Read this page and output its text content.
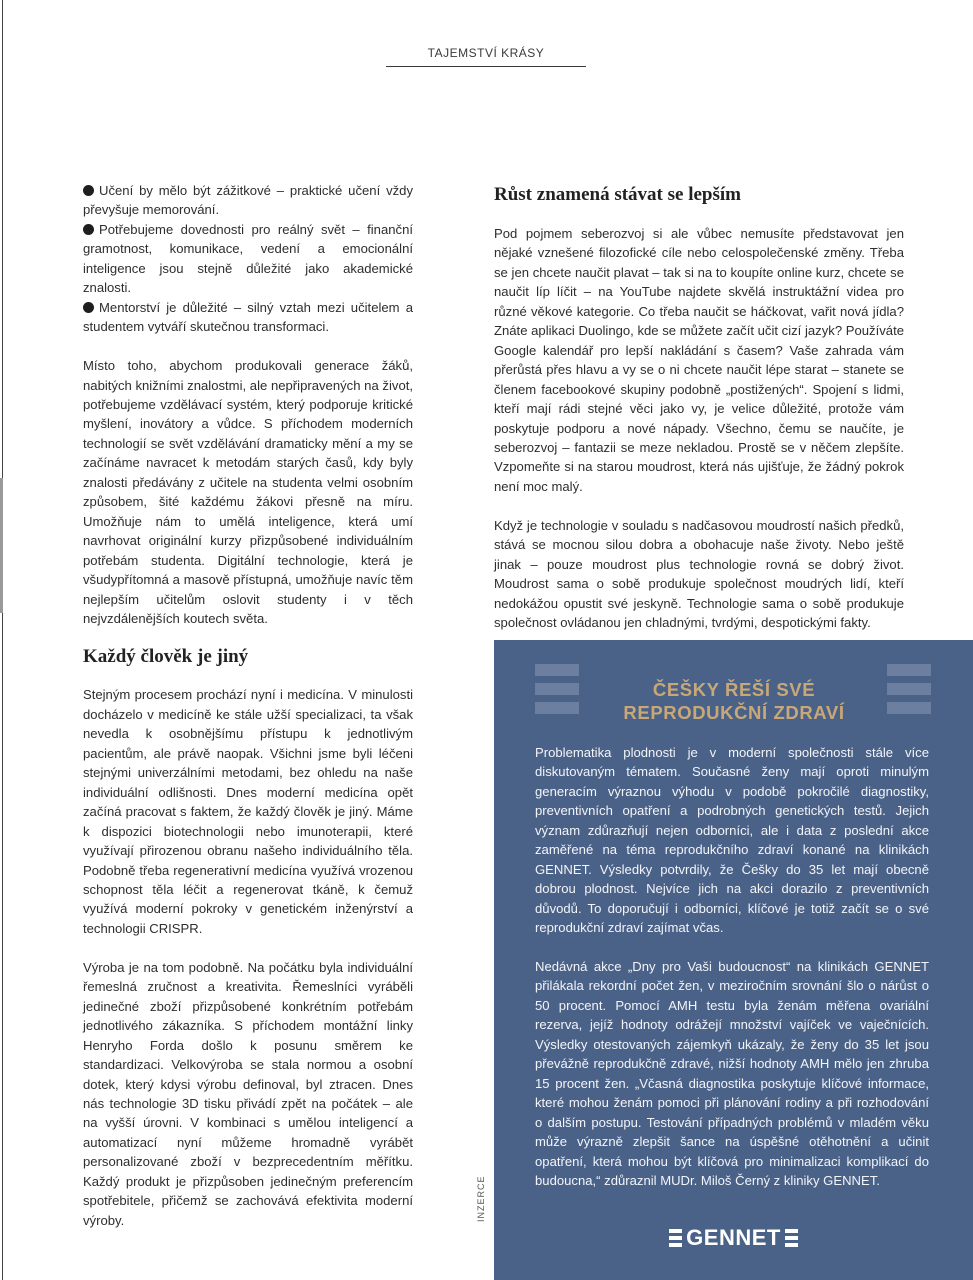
TAJEMSTVÍ KRÁSY

Učení by mělo být zážitkové – praktické učení vždy převyšuje memorování.

Potřebujeme dovednosti pro reálný svět – finanční gramotnost, komunikace, vedení a emocionální inteligence jsou stejně důležité jako akademické znalosti.

Mentorství je důležité – silný vztah mezi učitelem a studentem vytváří skutečnou transformaci.

Místo toho, abychom produkovali generace žáků, nabitých knižními znalostmi, ale nepřipravených na život, potřebujeme vzdělávací systém, který podporuje kritické myšlení, inovátory a vůdce. S příchodem moderních technologií se svět vzdělávání dramaticky mění a my se začínáme navracet k metodám starých časů, kdy byly znalosti předávány z učitele na studenta velmi osobním způsobem, šité každému žákovi přesně na míru. Umožňuje nám to umělá inteligence, která umí navrhovat originální kurzy přizpůsobené individuálním potřebám studenta. Digitální technologie, která je všudypřítomná a masově přístupná, umožňuje navíc těm nejlepším učitelům oslovit studenty i v těch nejvzdálenějších koutech světa.

Každý člověk je jiný

Stejným procesem prochází nyní i medicína. V minulosti docházelo v medicíně ke stále užší specializaci, ta však nevedla k osobnějšímu přístupu k jednotlivým pacientům, ale právě naopak. Všichni jsme byli léčeni stejnými univerzálními metodami, bez ohledu na naše individuální odlišnosti. Dnes moderní medicína opět začíná pracovat s faktem, že každý člověk je jiný. Máme k dispozici biotechnologii nebo imunoterapii, které využívají přirozenou obranu našeho individuálního těla. Podobně třeba regenerativní medicína využívá vrozenou schopnost těla léčit a regenerovat tkáně, k čemuž využívá moderní pokroky v genetickém inženýrství a technologii CRISPR.

Výroba je na tom podobně. Na počátku byla individuální řemeslná zručnost a kreativita. Řemeslníci vyráběli jedinečné zboží přizpůsobené konkrétním potřebám jednotlivého zákazníka. S příchodem montážní linky Henryho Forda došlo k posunu směrem ke standardizaci. Velkovýroba se stala normou a osobní dotek, který kdysi výrobu definoval, byl ztracen. Dnes nás technologie 3D tisku přivádí zpět na počátek – ale na vyšší úrovni. V kombinaci s umělou inteligencí a automatizací nyní můžeme hromadně vyrábět personalizované zboží v bezprecedentním měřítku. Každý produkt je přizpůsoben jedinečným preferencím spotřebitele, přičemž se zachovává efektivita moderní výroby.

Růst znamená stávat se lepším

Pod pojmem seberozvoj si ale vůbec nemusíte představovat jen nějaké vznešené filozofické cíle nebo celospolečenské změny. Třeba se jen chcete naučit plavat – tak si na to koupíte online kurz, chcete se naučit líp líčit – na YouTube najdete skvělá instruktážní videa pro různé věkové kategorie. Co třeba naučit se háčkovat, vařit nová jídla? Znáte aplikaci Duolingo, kde se můžete začít učit cizí jazyk? Používáte Google kalendář pro lepší nakládání s časem? Vaše zahrada vám přerůstá přes hlavu a vy se o ni chcete naučit lépe starat – stanete se členem facebookové skupiny podobně „postižených“. Spojení s lidmi, kteří mají rádi stejné věci jako vy, je velice důležité, protože vám poskytuje podporu a nové nápady. Všechno, čemu se naučíte, je seberozvoj – fantazii se meze nekladou. Prostě se v něčem zlepšíte. Vzpomeňte si na starou moudrost, která nás ujišťuje, že žádný pokrok není moc malý.

Když je technologie v souladu s nadčasovou moudrostí našich předků, stává se mocnou silou dobra a obohacuje naše životy. Nebo ještě jinak – pouze moudrost plus technologie rovná se dobrý život. Moudrost sama o sobě produkuje společnost moudrých lidí, kteří nedokážou opustit své jeskyně. Technologie sama o sobě produkuje společnost ovládanou jen chladnými, tvrdými, despotickými fakty.

INZERCE
ČEŠKY ŘEŠÍ SVÉ
REPRODUKČNÍ ZDRAVÍ

Problematika plodnosti je v moderní společnosti stále více diskutovaným tématem. Současné ženy mají oproti minulým generacím výraznou výhodu v podobě pokročilé diagnostiky, preventivních opatření a podrobných genetických testů. Jejich význam zdůrazňují nejen odborníci, ale i data z poslední akce zaměřené na téma reprodukčního zdraví konané na klinikách GENNET. Výsledky potvrdily, že Češky do 35 let mají obecně dobrou plodnost. Nejvíce jich na akci dorazilo z preventivních důvodů. To doporučují i odborníci, klíčové je totiž začít se o své reprodukční zdraví zajímat včas.

Nedávná akce „Dny pro Vaši budoucnost“ na klinikách GENNET přilákala rekordní počet žen, v meziročním srovnání šlo o nárůst o 50 procent. Pomocí AMH testu byla ženám měřena ovariální rezerva, jejíž hodnoty odrážejí množství vajíček ve vaječnících. Výsledky otestovaných zájemkyň ukázaly, že ženy do 35 let jsou převážně reprodukčně zdravé, nižší hodnoty AMH mělo jen zhruba 15 procent žen. „Včasná diagnostika poskytuje klíčové informace, které mohou ženám pomoci při plánování rodiny a při rozhodování o dalším postupu. Testování případných problémů v mladém věku může výrazně zlepšit šance na úspěšné otěhotnění a učinit opatření, která mohou být klíčová pro minimalizaci komplikací do budoucna,“ zdůraznil MUDr. Miloš Černý z kliniky GENNET.

GENNET
